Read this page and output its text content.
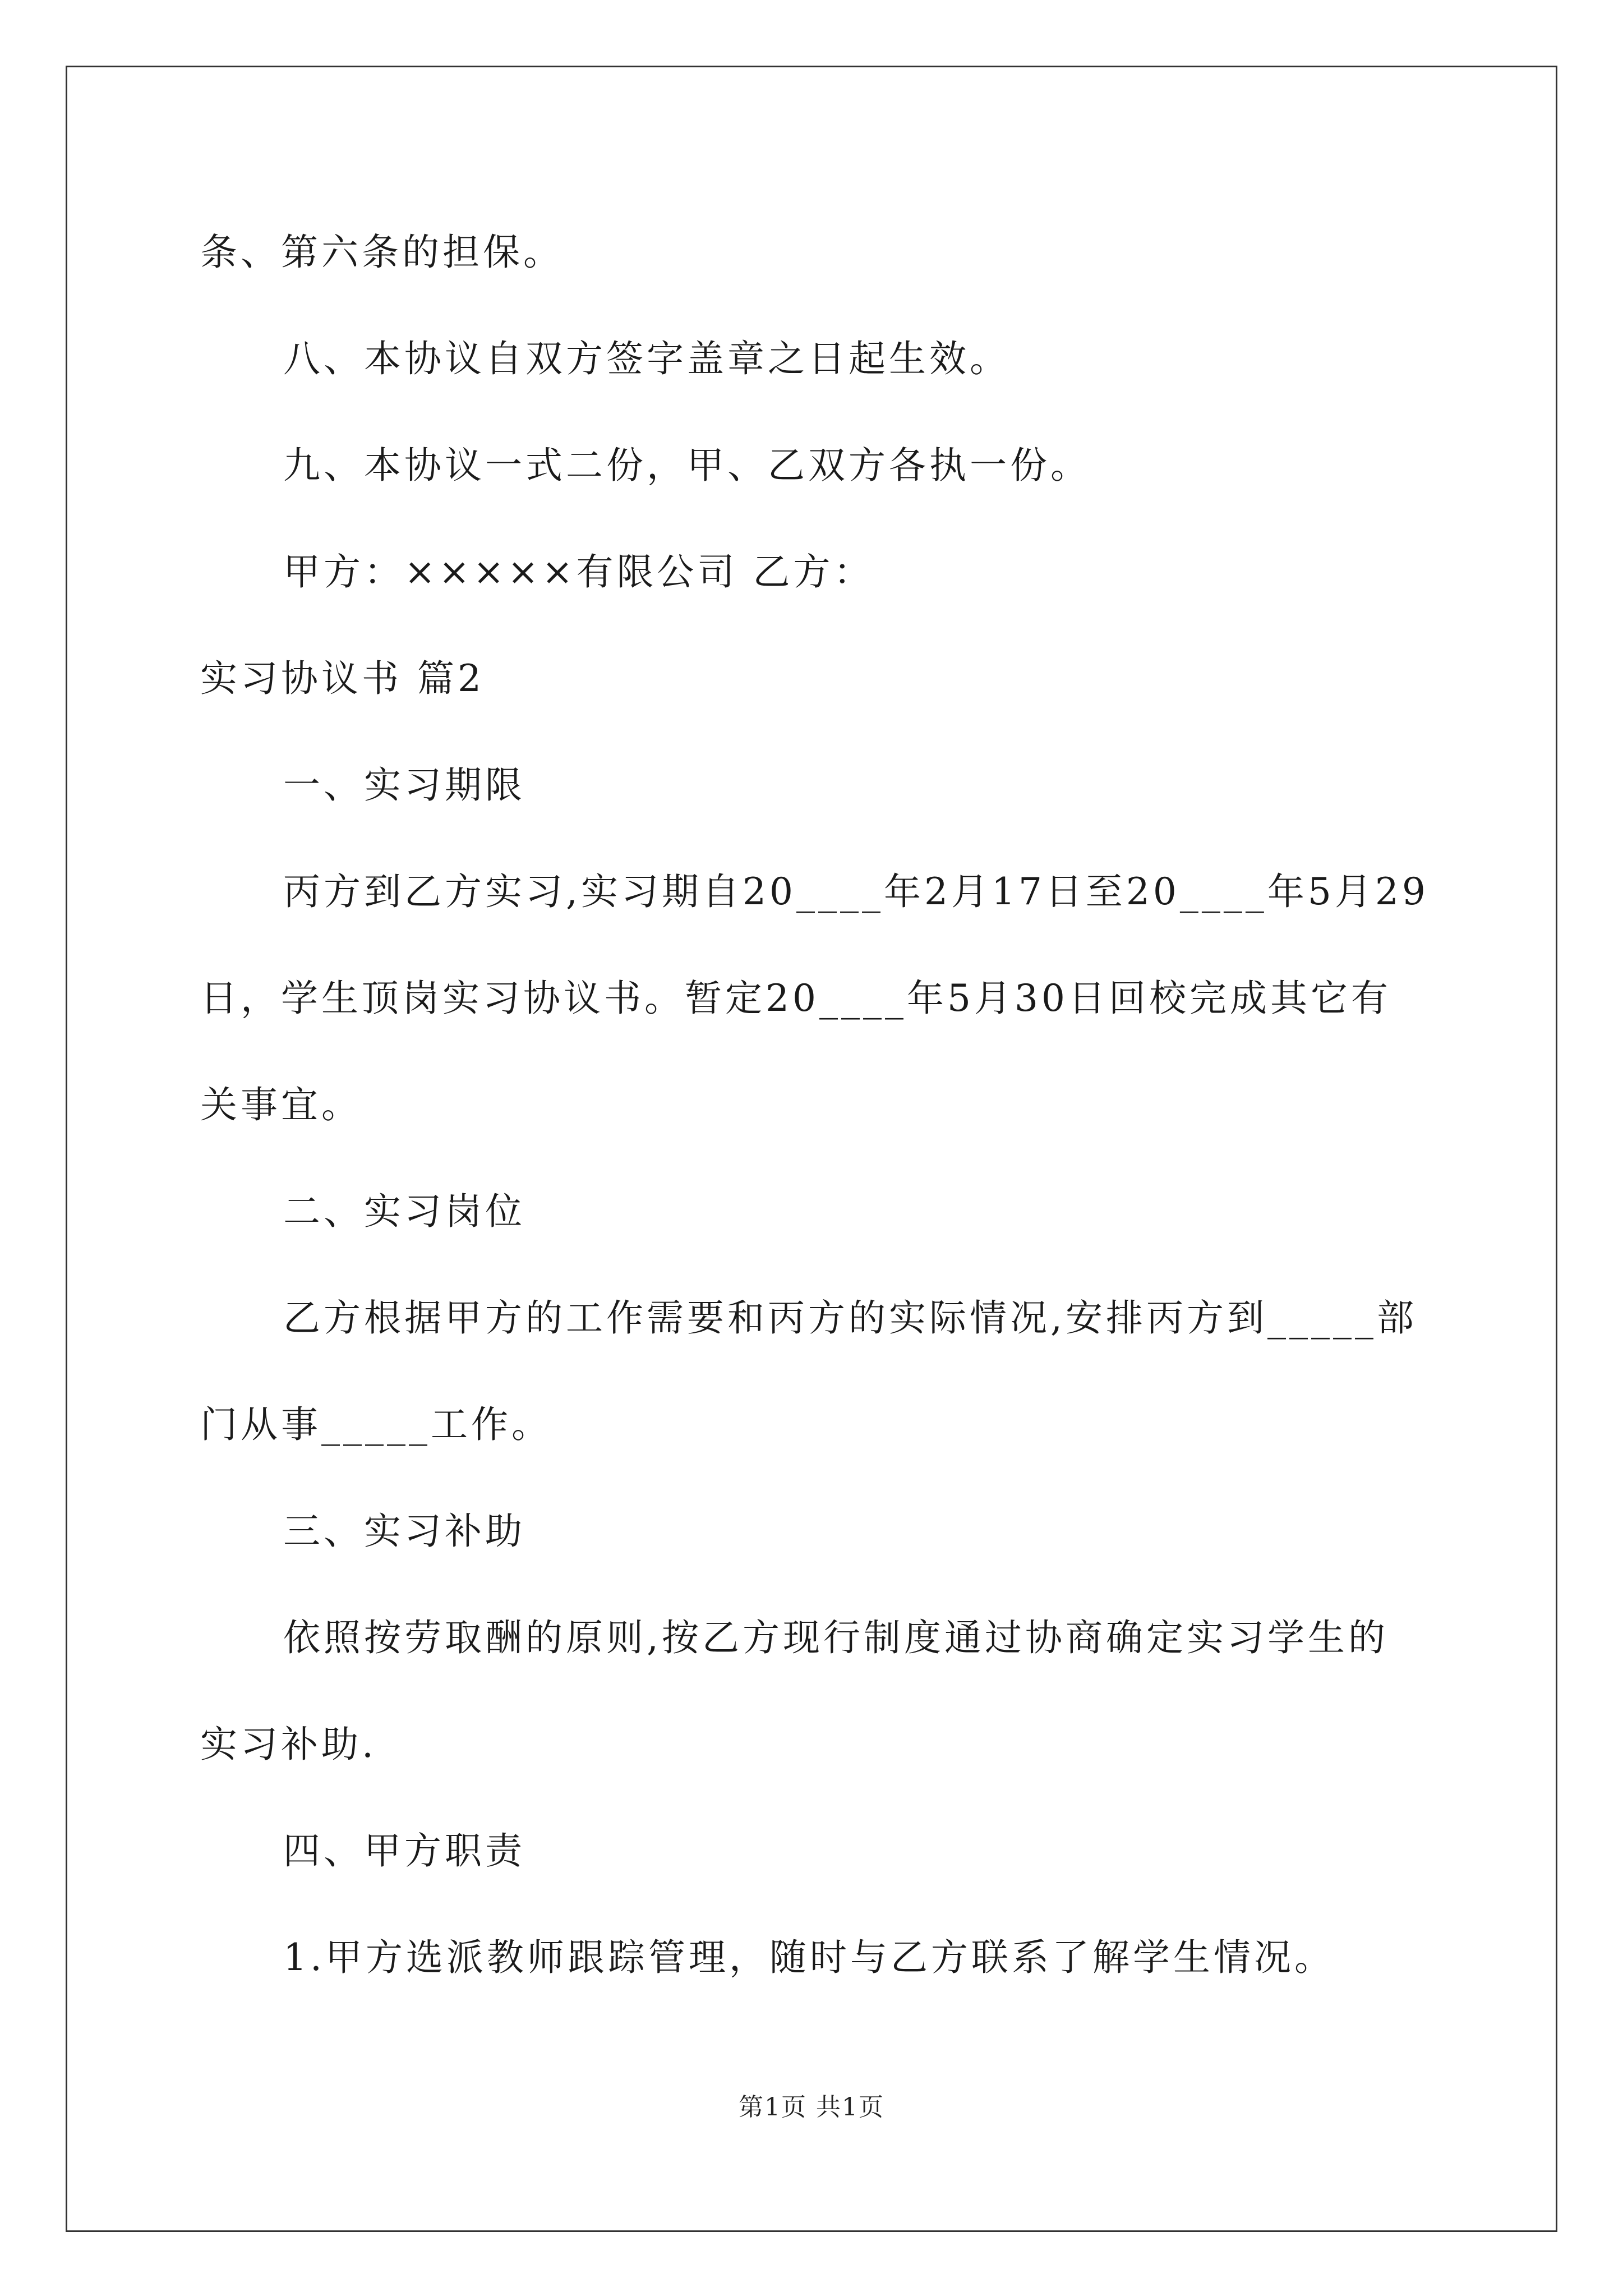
条、第六条的担保。
八、本协议自双方签字盖章之日起生效。
九、本协议一式二份，甲、乙双方各执一份。
甲方：×××××有限公司 乙方：
实习协议书 篇2
一、实习期限
丙方到乙方实习,实习期自20____年2月17日至20____年5月29
日，学生顶岗实习协议书。暂定20____年5月30日回校完成其它有
关事宜。
二、实习岗位
乙方根据甲方的工作需要和丙方的实际情况,安排丙方到_____部
门从事_____工作。
三、实习补助
依照按劳取酬的原则,按乙方现行制度通过协商确定实习学生的
实习补助.
四、甲方职责
1.甲方选派教师跟踪管理，随时与乙方联系了解学生情况。
第1页 共1页
